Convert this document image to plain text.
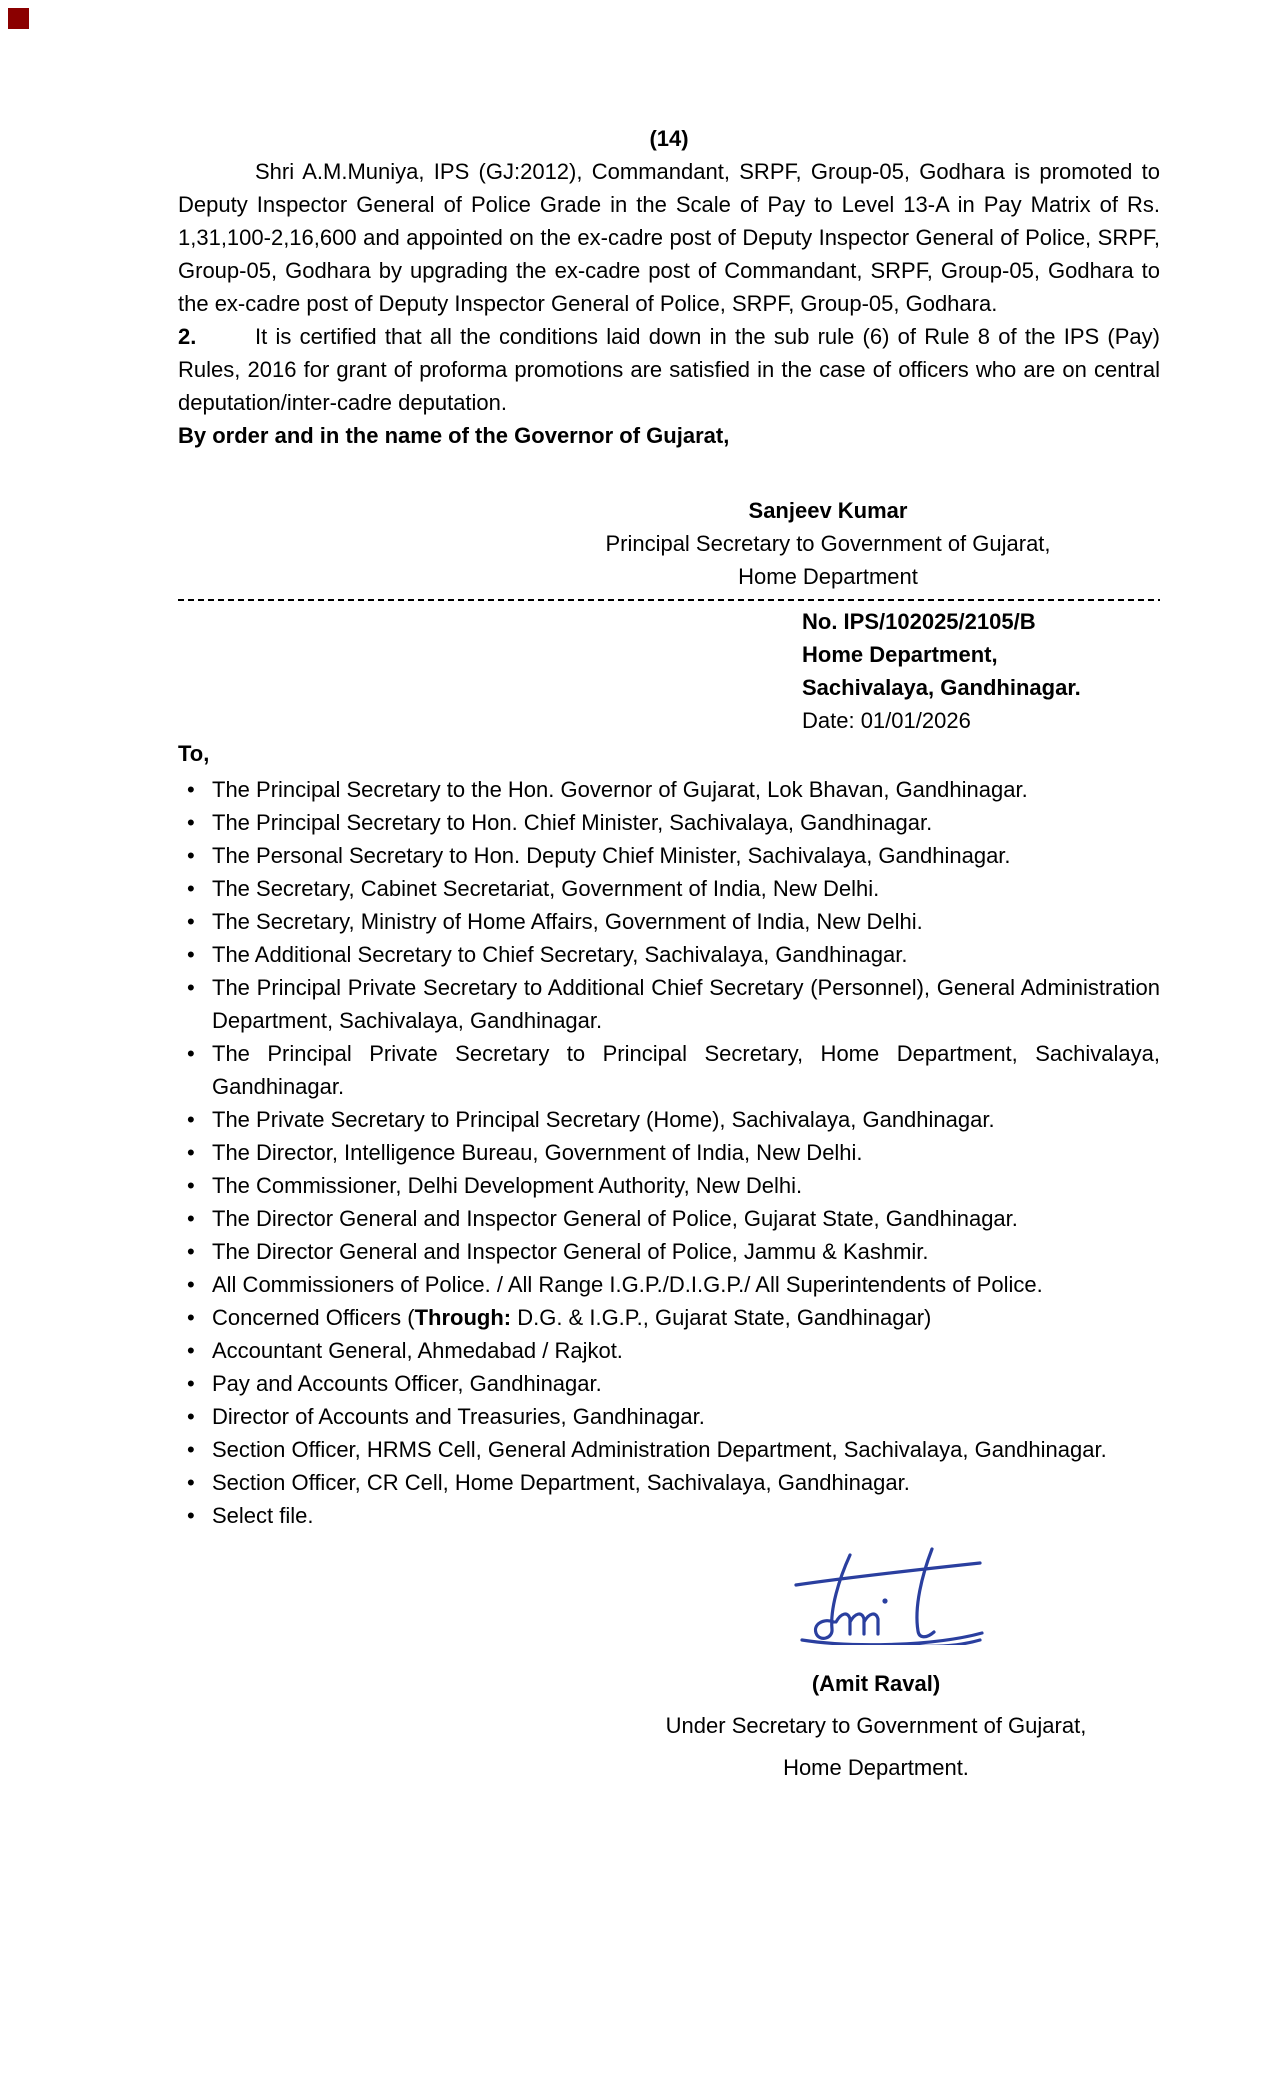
(14)

Shri A.M.Muniya, IPS (GJ:2012), Commandant, SRPF, Group-05, Godhara is promoted to Deputy Inspector General of Police Grade in the Scale of Pay to Level 13-A in Pay Matrix of Rs. 1,31,100-2,16,600 and appointed on the ex-cadre post of Deputy Inspector General of Police, SRPF, Group-05, Godhara by upgrading the ex-cadre post of Commandant, SRPF, Group-05, Godhara to the ex-cadre post of Deputy Inspector General of Police, SRPF, Group-05, Godhara.

2.	It is certified that all the conditions laid down in the sub rule (6) of Rule 8 of the IPS (Pay) Rules, 2016 for grant of proforma promotions are satisfied in the case of officers who are on central deputation/inter-cadre deputation.

By order and in the name of the Governor of Gujarat,

Sanjeev Kumar
Principal Secretary to Government of Gujarat,
Home Department
No. IPS/102025/2105/B
Home Department,
Sachivalaya, Gandhinagar.
Date: 01/01/2026

To,

• The Principal Secretary to the Hon. Governor of Gujarat, Lok Bhavan, Gandhinagar.
• The Principal Secretary to Hon. Chief Minister, Sachivalaya, Gandhinagar.
• The Personal Secretary to Hon. Deputy Chief Minister, Sachivalaya, Gandhinagar.
• The Secretary, Cabinet Secretariat, Government of India, New Delhi.
• The Secretary, Ministry of Home Affairs, Government of India, New Delhi.
• The Additional Secretary to Chief Secretary, Sachivalaya, Gandhinagar.
• The Principal Private Secretary to Additional Chief Secretary (Personnel), General Administration Department, Sachivalaya, Gandhinagar.
• The Principal Private Secretary to Principal Secretary, Home Department, Sachivalaya, Gandhinagar.
• The Private Secretary to Principal Secretary (Home), Sachivalaya, Gandhinagar.
• The Director, Intelligence Bureau, Government of India, New Delhi.
• The Commissioner, Delhi Development Authority, New Delhi.
• The Director General and Inspector General of Police, Gujarat State, Gandhinagar.
• The Director General and Inspector General of Police, Jammu & Kashmir.
• All Commissioners of Police. / All Range I.G.P./D.I.G.P./ All Superintendents of Police.
• Concerned Officers (Through: D.G. & I.G.P., Gujarat State, Gandhinagar)
• Accountant General, Ahmedabad / Rajkot.
• Pay and Accounts Officer, Gandhinagar.
• Director of Accounts and Treasuries, Gandhinagar.
• Section Officer, HRMS Cell, General Administration Department, Sachivalaya, Gandhinagar.
• Section Officer, CR Cell, Home Department, Sachivalaya, Gandhinagar.
• Select file.
(Amit Raval)
Under Secretary to Government of Gujarat,
Home Department.
